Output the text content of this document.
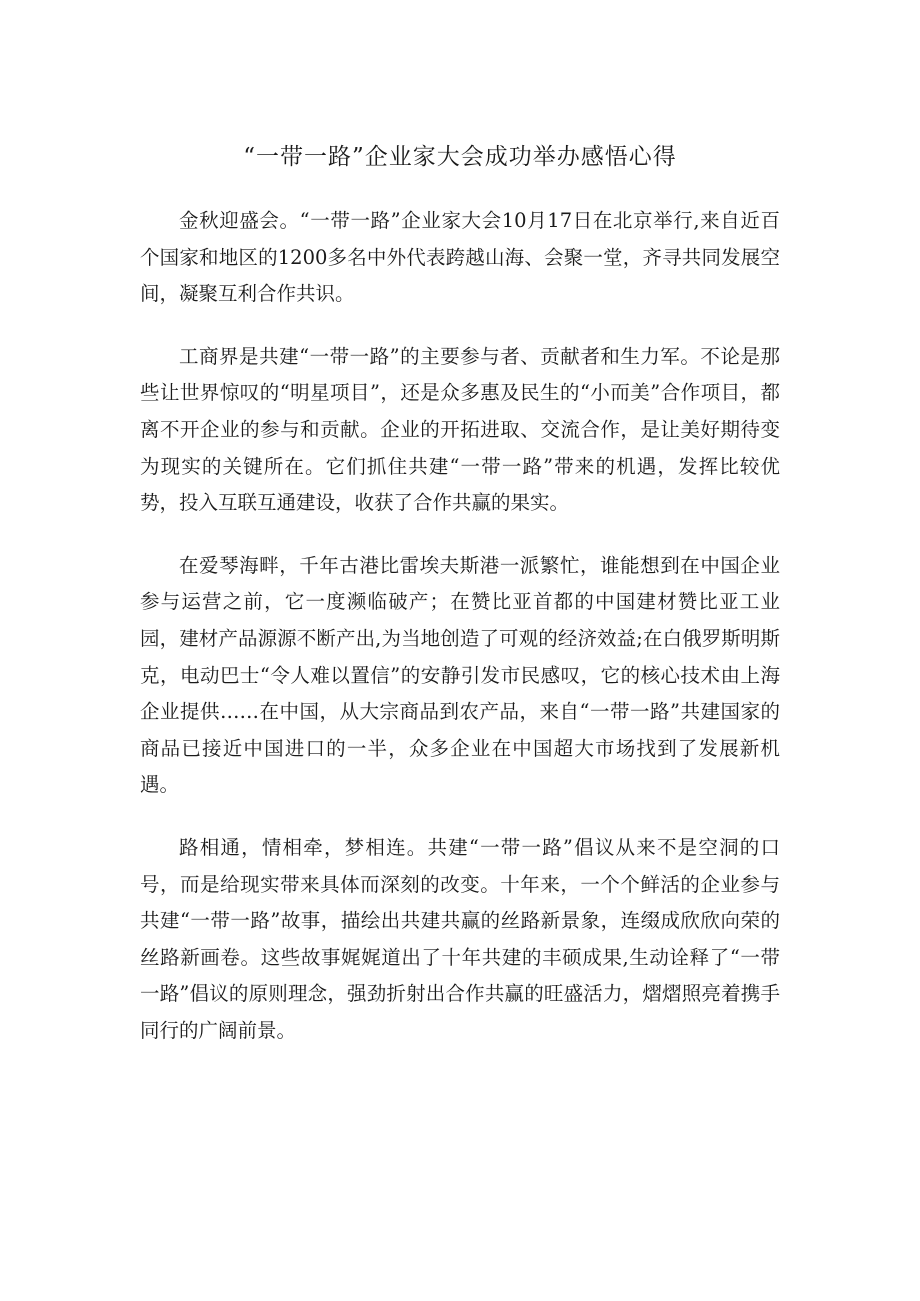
“一带一路”企业家大会成功举办感悟心得

金秋迎盛会。“一带一路”企业家大会10月17日在北京举行,来自近百个国家和地区的1200多名中外代表跨越山海、会聚一堂，齐寻共同发展空间，凝聚互利合作共识。

工商界是共建“一带一路”的主要参与者、贡献者和生力军。不论是那些让世界惊叹的“明星项目”，还是众多惠及民生的“小而美”合作项目，都离不开企业的参与和贡献。企业的开拓进取、交流合作，是让美好期待变为现实的关键所在。它们抓住共建“一带一路”带来的机遇，发挥比较优势，投入互联互通建设，收获了合作共赢的果实。

在爱琴海畔，千年古港比雷埃夫斯港一派繁忙，谁能想到在中国企业参与运营之前，它一度濒临破产；在赞比亚首都的中国建材赞比亚工业园，建材产品源源不断产出,为当地创造了可观的经济效益;在白俄罗斯明斯克，电动巴士“令人难以置信”的安静引发市民感叹，它的核心技术由上海企业提供……在中国，从大宗商品到农产品，来自“一带一路”共建国家的商品已接近中国进口的一半，众多企业在中国超大市场找到了发展新机遇。

路相通，情相牵，梦相连。共建“一带一路”倡议从来不是空洞的口号，而是给现实带来具体而深刻的改变。十年来，一个个鲜活的企业参与共建“一带一路”故事，描绘出共建共赢的丝路新景象，连缀成欣欣向荣的丝路新画卷。这些故事娓娓道出了十年共建的丰硕成果,生动诠释了“一带一路”倡议的原则理念，强劲折射出合作共赢的旺盛活力，熠熠照亮着携手同行的广阔前景。
